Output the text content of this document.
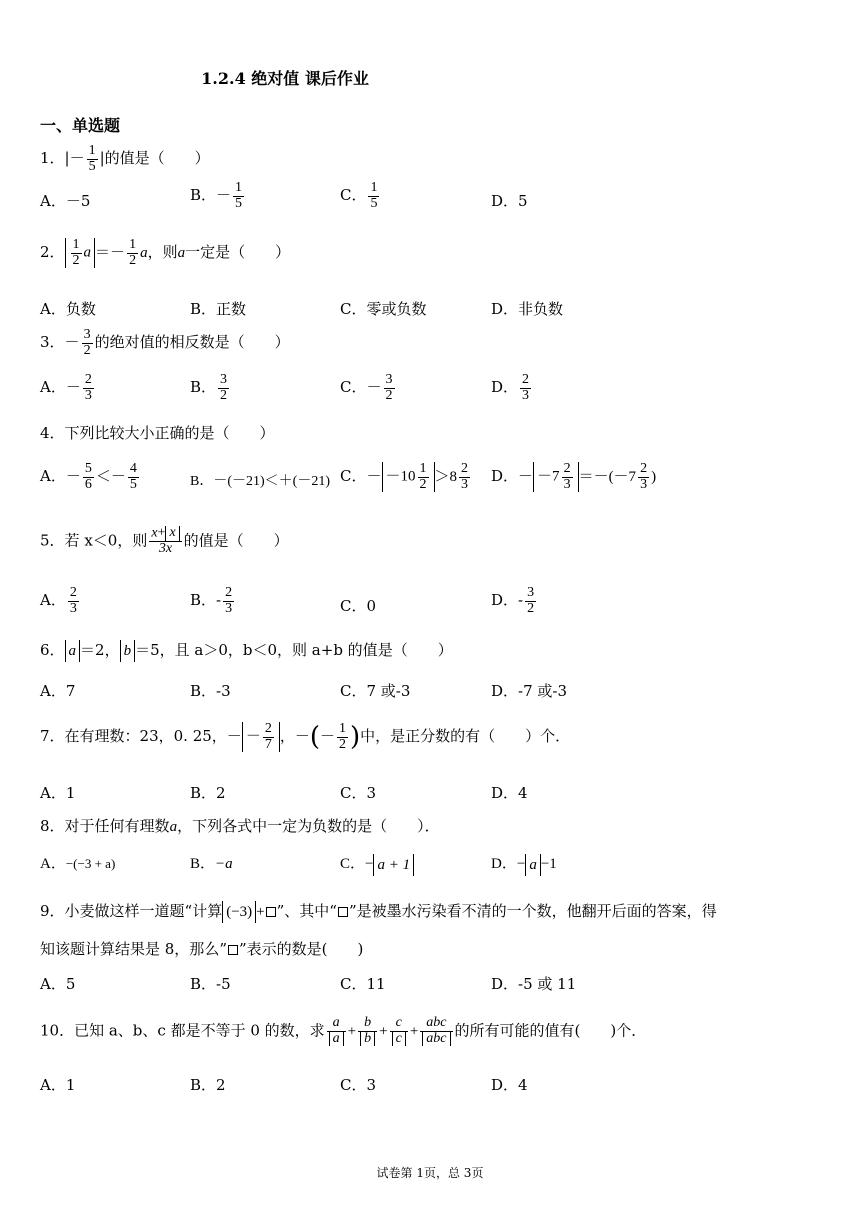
1.2.4 绝对值 课后作业
一、单选题
1．|－ $\frac{1}{5}$ |的值是（　　）
A．－5	B．－ $\frac{1}{5}$	C． $\frac{1}{5}$	D．5
2． $\frac{1}{2}$ $a =- \frac{1}{2}$ a，则a一定是（　　）
A．负数	B．正数	C．零或负数	D．非负数
3．－ $\frac{3}{2}$ 的绝对值的相反数是（　　）
A．－ $\frac{2}{3}$	B． $\frac{3}{2}$	C．－ $\frac{3}{2}$	D． $\frac{2}{3}$
4．下列比较大小正确的是（　　）
A．－ $\frac{5}{6} <- \frac{4}{5}$	B．－(－21)＜＋(－21) C．－ $-10 \frac{1}{2} >8 \frac{2}{3}$ D．－ $-7 \frac{2}{3} =-(-7 \frac{2}{3}$ )
5．若 x＜0，则 $\frac{x+ x}{3x}$ 的值是（　　）
A． $\frac{2}{3}$	B．- $\frac{2}{3}$	C．0	D．- $\frac{3}{2}$
6． a ＝2， b ＝5，且 a＞0，b＜0，则 a+b 的值是（　　）
A．7	B．-3	C．7 或-3	D．-7 或-3
7．在有理数：23，0. 25，－ － $\frac{2}{7}$ ，－(－ $\frac{1}{2}$ )中，是正分数的有（　　）个．
A．1	B．2	C．3	D．4
8．对于任何有理数a，下列各式中一定为负数的是（　　）．
A．−(−3 + a)	B．−a	C．− a + 1	D．− a −1
9．小麦做这样一道题“计算 (−3) + ”、其中“ ”是被墨水污染看不清的一个数，他翻开后面的答案，得
知该题计算结果是 8，那么” ”表示的数是(　　)
A．5	B．-5	C．11	D．-5 或 11
10．已知 a、b、c 都是不等于 0 的数，求 $\frac{a}{a} + \frac{b}{b} + \frac{c}{c} + \frac{\text{abc}}{\text{abc}}$ 的所有可能的值有(　　)个．
A．1	B．2	C．3	D．4
试卷第 1页，总 3页
